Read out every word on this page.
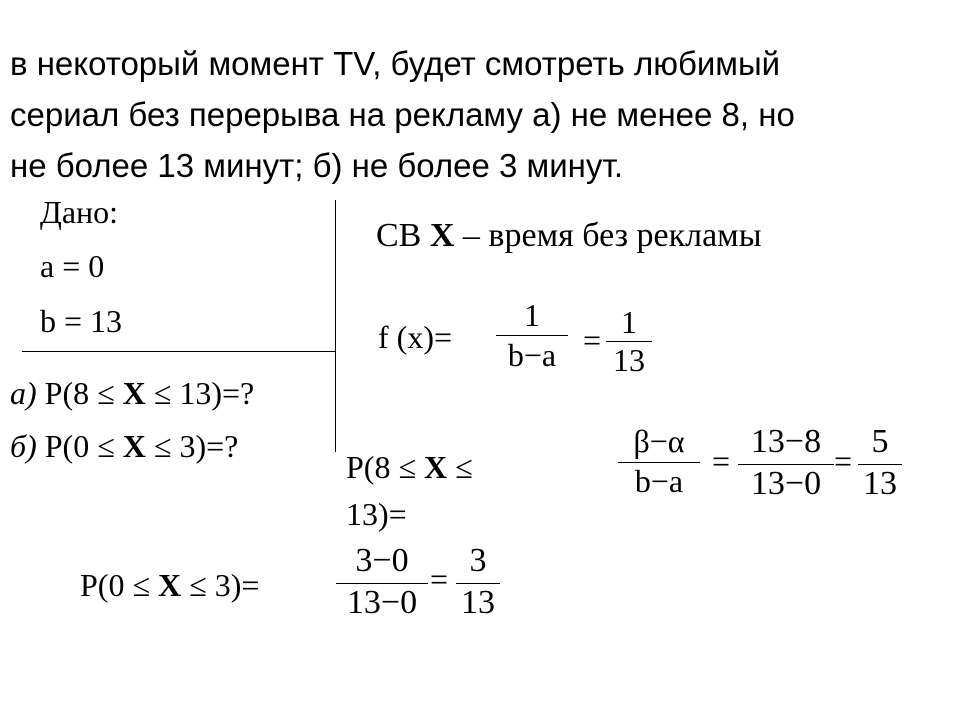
в некоторый момент TV, будет смотреть любимый
сериал без перерыва на рекламу а) не менее 8, но
не более 13 минут; б) не более 3 минут.
Дано:
a = 0
b = 13
СВ X – время без рекламы
f (x)=
1
b−a = 1
13
а) P(8 ≤ X ≤ 13)=?
б) P(0 ≤ X ≤ 3)=?
P(8 ≤ X ≤
13)=
β−α
b−a
=
13−8
13−0
=
5
13
P(0 ≤ X ≤ 3)=
3−0
13−0
= 3
13
